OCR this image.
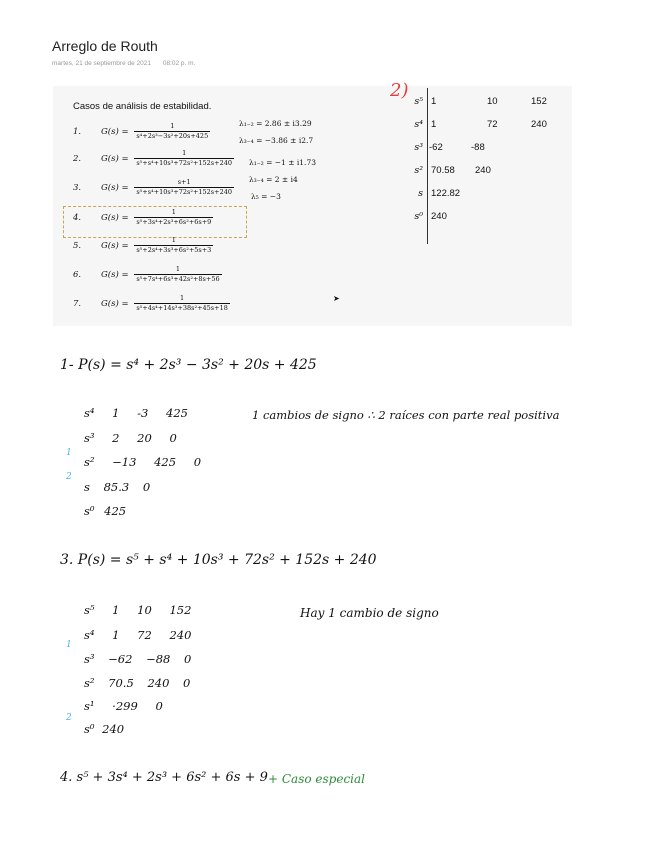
Arreglo de Routh
martes, 21 de septiembre de 2021 08:02 p. m.
Casos de análisis de estabilidad.
1. $G(s) = \frac{1}{\text{s⁴+2s³−3s²+20s+425}}$
2. $G(s) = \frac{1}{\text{s⁵+s⁴+10s³+72s²+152s+240}}$
3. $G(s) = \frac{s+1}{\text{s⁵+s⁴+10s³+72s²+152s+240}}$
4. $G(s) = \frac{1}{\text{s⁵+3s⁴+2s³+6s²+6s+9}}$
5. $G(s) = \frac{1}{\text{s⁵+2s⁴+3s³+6s²+5s+3}}$
6. $G(s) = \frac{1}{\text{s⁵+7s⁴+6s³+42s²+8s+56}}$
7. $G(s) = \frac{1}{\text{s⁵+4s⁴+14s³+38s²+45s+18}}$
λ₁₋₂ = 2.86 ± i3.29
λ₃₋₄ = −3.86 ± i2.7
λ₁₋₂ = −1 ± i1.73
λ₃₋₄ = 2 ± i4
λ₅ = −3
➤
2)
s⁵ 1	10	152
s⁴ 1	72	240
s³ -62	-88
s² 70.58 240
s 122.82
s⁰ 240
1- P(s) = s⁴ + 2s³ − 3s² + 20s + 425
s⁴ 1 -3 425
s³ 2 20 0
s² −13 425 0
s 85.3 0
s⁰ 425
1
2
1 cambios de signo ∴ 2 raíces con parte real positiva
3. P(s) = s⁵ + s⁴ + 10s³ + 72s² + 152s + 240
s⁵ 1 10 152
s⁴ 1 72 240
s³ −62 −88 0
s² 70.5 240 0
s¹ ·299 0
s⁰ 240
1
2
Hay 1 cambio de signo
4. s⁵ + 3s⁴ + 2s³ + 6s² + 6s + 9 + Caso especial
